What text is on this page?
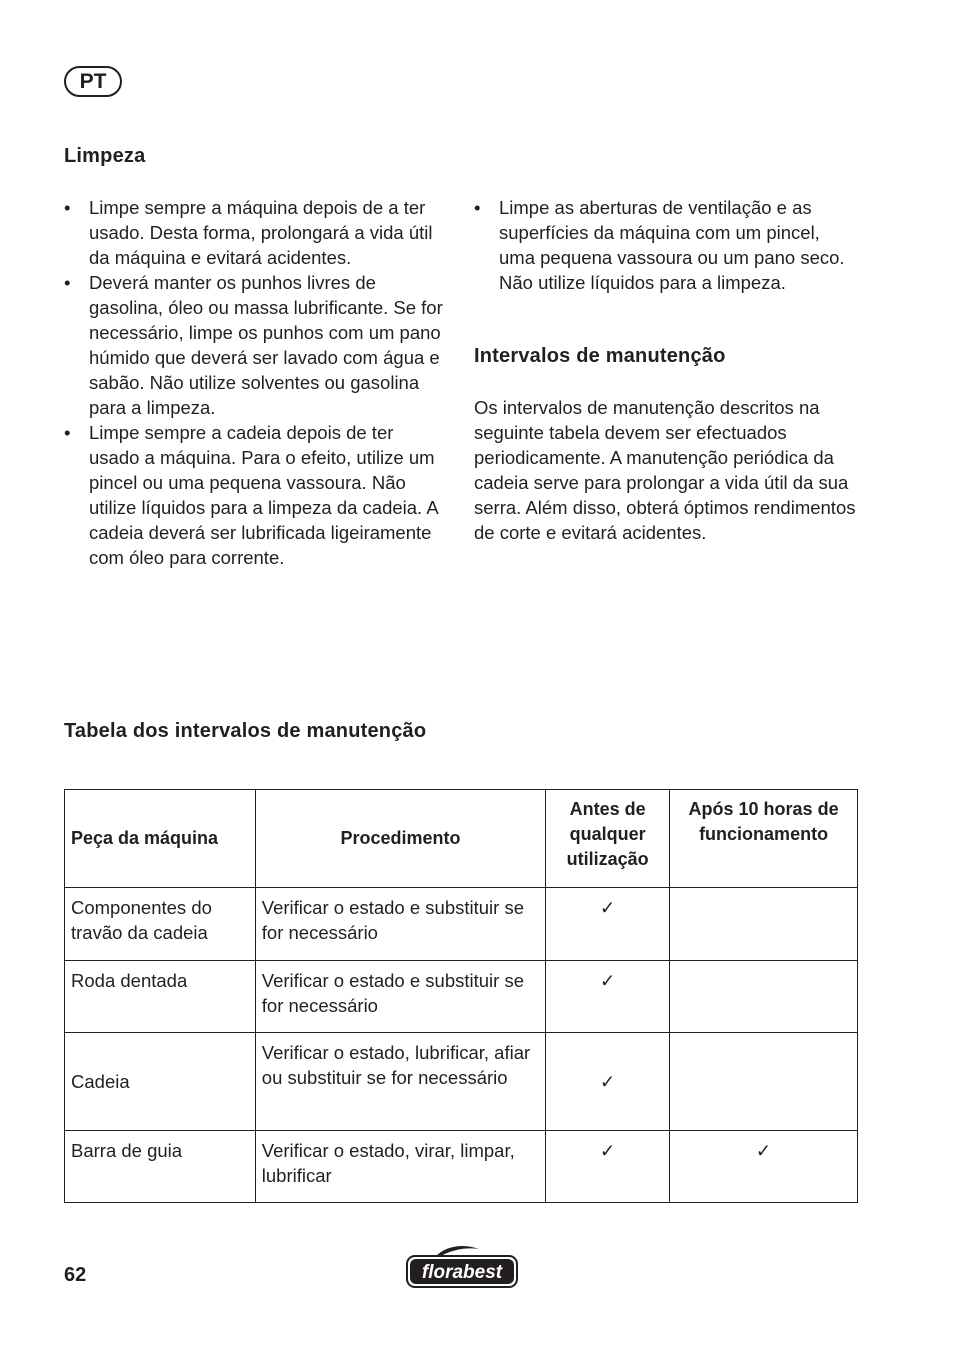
PT
Limpeza
• Limpe sempre a máquina depois de a ter usado. Desta forma, prolongará a vida útil da máquina e evitará acidentes.
• Deverá manter os punhos livres de gasolina, óleo ou massa lubrificante. Se for necessário, limpe os punhos com um pano húmido que deverá ser lavado com água e sabão. Não utilize solventes ou gasolina para a limpeza.
• Limpe sempre a cadeia depois de ter usado a máquina. Para o efeito, utilize um pincel ou uma pequena vassoura. Não utilize líquidos para a limpeza da cadeia. A cadeia deverá ser lubrificada ligeiramente com óleo para corrente.
• Limpe as aberturas de ventilação e as superfícies da máquina com um pincel, uma pequena vassoura ou um pano seco. Não utilize líquidos para a limpeza.
Intervalos de manutenção

Os intervalos de manutenção descritos na seguinte tabela devem ser efectuados periodicamente. A manutenção periódica da cadeia serve para prolongar a vida útil da sua serra. Além disso, obterá óptimos rendimentos de corte e evitará acidentes.

Tabela dos intervalos de manutenção
Peça da máquina	Procedimento	Antes de qualquer utilização	Após 10 horas de funcionamento
Componentes do travão da cadeia	Verificar o estado e substituir se for necessário	✓	
Roda dentada	Verificar o estado e substituir se for necessário	✓	
Cadeia	Verificar o estado, lubrificar, afiar ou substituir se for necessário	✓	
Barra de guia	Verificar o estado, virar, limpar, lubrificar	✓	✓
62	florabest
